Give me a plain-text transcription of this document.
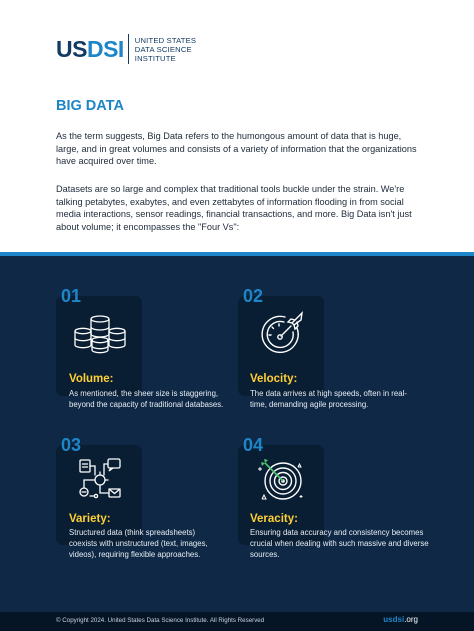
USDSI UNITED STATES
DATA SCIENCE
INSTITUTE
BIG DATA

As the term suggests, Big Data refers to the humongous amount of data that is huge, large, and in great volumes and consists of a variety of information that the organizations have acquired over time.

Datasets are so large and complex that traditional tools buckle under the strain. We're talking petabytes, exabytes, and even zettabytes of information flooding in from social media interactions, sensor readings, financial transactions, and more. Big Data isn't just about volume; it encompasses the "Four Vs":

01
Volume:
As mentioned, the sheer size is staggering, beyond the capacity of traditional databases.
02
Velocity:
The data arrives at high speeds, often in real-time, demanding agile processing.
03
Variety:
Structured data (think spreadsheets) coexists with unstructured (text, images, videos), requiring flexible approaches.
04
Veracity:
Ensuring data accuracy and consistency becomes crucial when dealing with such massive and diverse sources.
© Copyright 2024. United States Data Science Institute. All Rights Reserved	usdsi.org
